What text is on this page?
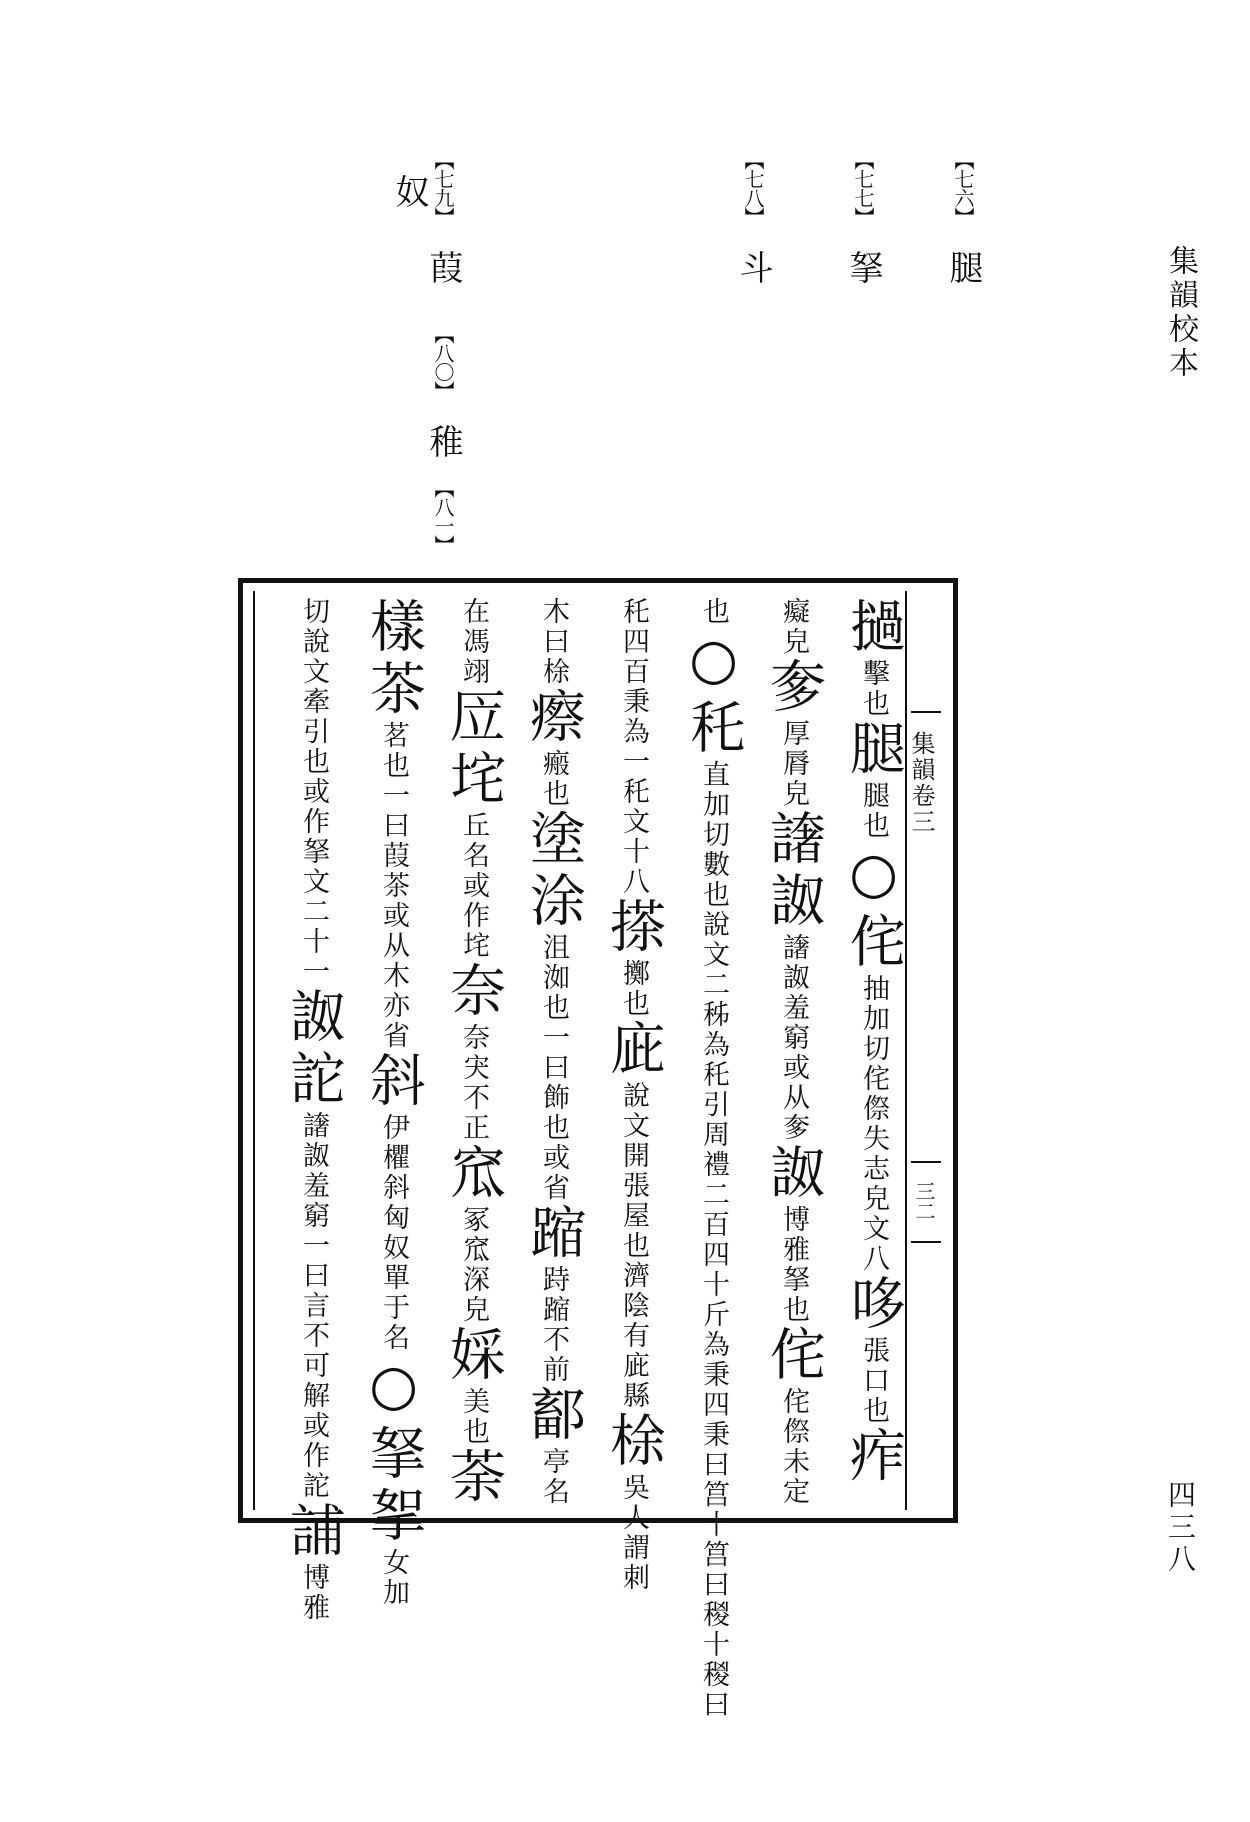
集韻校本
四三八
【七六】腿
【七七】拏
【七八】斗
【七九】葭【八〇】稚【八一】奴
集韻卷三
三二
撾擊也腿腿也○侘抽加切侘傺失志皃文八哆張口也痄
癡皃奓厚脣皃譇詉譇詉羞窮或从奓詉博雅拏也侘侘傺未定
也○秅直加切數也說文二秭為秅引周禮二百四十斤為秉四秉曰筥十筥曰稯十稯曰
秅四百秉為一秅文十八搽擲也庛說文開張屋也濟陰有庛縣梌吳人謂刺
木曰梌瘵瘢也塗涂沮洳也一曰飾也或省蹜跱蹜不前鄐亭名
在馮翊㕇垞丘名或作垞奈奈宊不正窊冢窊深皃婇美也荼
樣茶茗也一曰葭茶或从木亦省斜伊欋斜匈奴單于名○拏挐女加
切說文牽引也或作拏文二十一詉詑譇詉羞窮一曰言不可解或作詑誧博雅
